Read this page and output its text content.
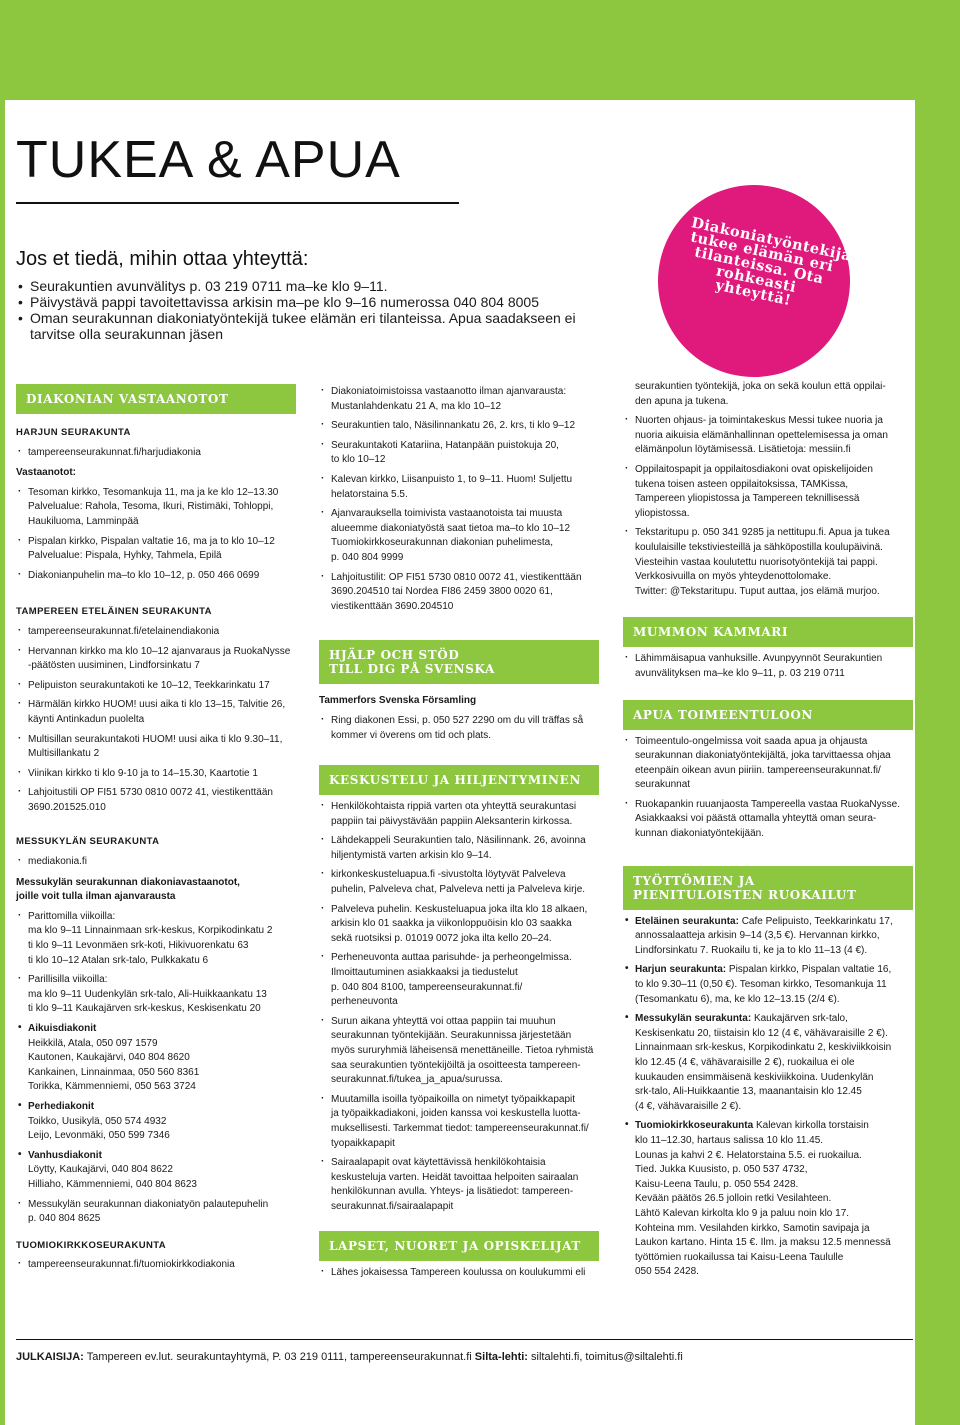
TUKEA & APUA
Jos et tiedä, mihin ottaa yhteyttä:
• Seurakuntien avunvälitys p. 03 219 0711 ma–ke klo 9–11.
• Päivystävä pappi tavoitettavissa arkisin ma–pe klo 9–16 numerossa 040 804 8005
• Oman seurakunnan diakoniatyöntekijä tukee elämän eri tilanteissa. Apua saadakseen ei tarvitse olla seurakunnan jäsen
Diakoniatyöntekijä tukee elämän eri tilanteissa. Ota rohkeasti yhteyttä!
DIAKONIAN VASTAANOTOT
HARJUN SEURAKUNTA
· tampereenseurakunnat.fi/harjudiakonia
Vastaanotot:
· Tesoman kirkko, Tesomankuja 11, ma ja ke klo 12–13.30
Palvelualue: Rahola, Tesoma, Ikuri, Ristimäki, Tohloppi, Haukiluoma, Lamminpää
· Pispalan kirkko, Pispalan valtatie 16, ma ja to klo 10–12
Palvelualue: Pispala, Hyhky, Tahmela, Epilä
· Diakonianpuhelin ma–to klo 10–12, p. 050 466 0699
TAMPEREEN ETELÄINEN SEURAKUNTA
· tampereenseurakunnat.fi/etelainendiakonia
· Hervannan kirkko ma klo 10–12 ajanvaraus ja RuokaNysse
-päätösten uusiminen, Lindforsinkatu 7
· Pelipuiston seurakuntakoti ke 10–12, Teekkarinkatu 17
· Härmälän kirkko HUOM! uusi aika ti klo 13–15, Talvitie 26,
käynti Antinkadun puolelta
· Multisillan seurakuntakoti HUOM! uusi aika ti klo 9.30–11,
Multisillankatu 2
· Viinikan kirkko ti klo 9-10 ja to 14–15.30, Kaartotie 1
· Lahjoitustili OP FI51 5730 0810 0072 41, viestikenttään
3690.201525.010
MESSUKYLÄN SEURAKUNTA
· mediakonia.fi
Messukylän seurakunnan diakoniavastaanotot,
joille voit tulla ilman ajanvarausta
· Parittomilla viikoilla:
ma klo 9–11 Linnainmaan srk-keskus, Korpikodinkatu 2
ti klo 9–11 Levonmäen srk-koti, Hikivuorenkatu 63
ti klo 10–12 Atalan srk-talo, Pulkkakatu 6
· Parillisilla viikoilla:
ma klo 9–11 Uudenkylän srk-talo, Ali-Huikkaankatu 13
ti klo 9–11 Kaukajärven srk-keskus, Keskisenkatu 20
• Aikuisdiakonit
Heikkilä, Atala, 050 097 1579
Kautonen, Kaukajärvi, 040 804 8620
Kankainen, Linnainmaa, 050 560 8361
Torikka, Kämmenniemi, 050 563 3724
• Perhediakonit
Toikko, Uusikylä, 050 574 4932
Leijo, Levonmäki, 050 599 7346
• Vanhusdiakonit
Löytty, Kaukajärvi, 040 804 8622
Hilliaho, Kämmenniemi, 040 804 8623
· Messukylän seurakunnan diakoniatyön palautepuhelin
p. 040 804 8625
TUOMIOKIRKKOSEURAKUNTA
· tampereenseurakunnat.fi/tuomiokirkkodiakonia
· Diakoniatoimistoissa vastaanotto ilman ajanvarausta:
Mustanlahdenkatu 21 A, ma klo 10–12
· Seurakuntien talo, Näsilinnankatu 26, 2. krs, ti klo 9–12
· Seurakuntakoti Katariina, Hatanpään puistokuja 20,
to klo 10–12
· Kalevan kirkko, Liisanpuisto 1, to 9–11. Huom! Suljettu
helatorstaina 5.5.
· Ajanvarauksella toimivista vastaanotoista tai muusta
alueemme diakoniatyöstä saat tietoa ma–to klo 10–12
Tuomiokirkkoseurakunnan diakonian puhelimesta,
p. 040 804 9999
· Lahjoitustilit: OP FI51 5730 0810 0072 41, viestikenttään
3690.204510 tai Nordea FI86 2459 3800 0020 61,
viestikenttään 3690.204510
HJÄLP OCH STÖD
TILL DIG PÅ SVENSKA
Tammerfors Svenska Församling
· Ring diakonen Essi, p. 050 527 2290 om du vill träffas så
kommer vi överens om tid och plats.
KESKUSTELU JA HILJENTYMINEN
· Henkilökohtaista rippiä varten ota yhteyttä seurakuntasi
pappiin tai päivystävään pappiin Aleksanterin kirkossa.
· Lähdekappeli Seurakuntien talo, Näsilinnank. 26, avoinna
hiljentymistä varten arkisin klo 9–14.
· kirkonkeskusteluapua.fi -sivustolta löytyvät Palveleva
puhelin, Palveleva chat, Palveleva netti ja Palveleva kirje.
· Palveleva puhelin. Keskusteluapua joka ilta klo 18 alkaen,
arkisin klo 01 saakka ja viikonloppuöisin klo 03 saakka
sekä ruotsiksi p. 01019 0072 joka ilta kello 20–24.
· Perheneuvonta auttaa parisuhde- ja perheongelmissa.
Ilmoittautuminen asiakkaaksi ja tiedustelut
p. 040 804 8100, tampereenseurakunnat.fi/
perheneuvonta
· Surun aikana yhteyttä voi ottaa pappiin tai muuhun
seurakunnan työntekijään. Seurakunnissa järjestetään
myös sururyhmiä läheisensä menettäneille. Tietoa ryhmistä
saa seurakuntien työntekijöiltä ja osoitteesta tampereen-
seurakunnat.fi/tukea_ja_apua/surussa.
· Muutamilla isoilla työpaikoilla on nimetyt työpaikkapapit
ja työpaikkadiakoni, joiden kanssa voi keskustella luotta-
muksellisesti. Tarkemmat tiedot: tampereenseurakunnat.fi/
tyopaikkapapit
· Sairaalapapit ovat käytettävissä henkilökohtaisia
keskusteluja varten. Heidät tavoittaa helpoiten sairaalan
henkilökunnan avulla. Yhteys- ja lisätiedot: tampereen-
seurakunnat.fi/sairaalapapit
LAPSET, NUORET JA OPISKELIJAT
· Lähes jokaisessa Tampereen koulussa on koulukummi eli
seurakuntien työntekijä, joka on sekä koulun että oppilai-
den apuna ja tukena.
· Nuorten ohjaus- ja toimintakeskus Messi tukee nuoria ja
nuoria aikuisia elämänhallinnan opettelemisessa ja oman
elämänpolun löytämisessä. Lisätietoja: messiin.fi
· Oppilaitospapit ja oppilaitosdiakoni ovat opiskelijoiden
tukena toisen asteen oppilaitoksissa, TAMKissa,
Tampereen yliopistossa ja Tampereen teknillisessä
yliopistossa.
· Tekstaritupu p. 050 341 9285 ja nettitupu.fi. Apua ja tukea
koululaisille tekstiviesteillä ja sähköpostilla koulupäivinä.
Viesteihin vastaa koulutettu nuorisotyöntekijä tai pappi.
Verkkosivuilla on myös yhteydenottolomake.
Twitter: @Tekstaritupu. Tuput auttaa, jos elämä murjoo.
MUMMON KAMMARI
· Lähimmäisapua vanhuksille. Avunpyynnöt Seurakuntien
avunvälityksen ma–ke klo 9–11, p. 03 219 0711
APUA TOIMEENTULOON
· Toimeentulo-ongelmissa voit saada apua ja ohjausta
seurakunnan diakoniatyöntekijältä, joka tarvittaessa ohjaa
eteenpäin oikean avun piiriin. tampereenseurakunnat.fi/
seurakunnat
· Ruokapankin ruuanjaosta Tampereella vastaa RuokaNysse.
Asiakkaaksi voi päästä ottamalla yhteyttä oman seura-
kunnan diakoniatyöntekijään.
TYÖTTÖMIEN JA
PIENITULOISTEN RUOKAILUT
• Eteläinen seurakunta: Cafe Pelipuisto, Teekkarinkatu 17,
annossalaatteja arkisin 9–14 (3,5 €). Hervannan kirkko,
Lindforsinkatu 7. Ruokailu ti, ke ja to klo 11–13 (4 €).
• Harjun seurakunta: Pispalan kirkko, Pispalan valtatie 16,
to klo 9.30–11 (0,50 €). Tesoman kirkko, Tesomankuja 11
(Tesomankatu 6), ma, ke klo 12–13.15 (2/4 €).
• Messukylän seurakunta: Kaukajärven srk-talo,
Keskisenkatu 20, tiistaisin klo 12 (4 €, vähävaraisille 2 €).
Linnainmaan srk-keskus, Korpikodinkatu 2, keskiviikkoisin
klo 12.45 (4 €, vähävaraisille 2 €), ruokailua ei ole
kuukauden ensimmäisenä keskiviikkoina. Uudenkylän
srk-talo, Ali-Huikkaantie 13, maanantaisin klo 12.45
(4 €, vähävaraisille 2 €).
• Tuomiokirkkoseurakunta Kalevan kirkolla torstaisin
klo 11–12.30, hartaus salissa 10 klo 11.45.
Lounas ja kahvi 2 €. Helatorstaina 5.5. ei ruokailua.
Tied. Jukka Kuusisto, p. 050 537 4732,
Kaisu-Leena Taulu, p. 050 554 2428.
Kevään päätös 26.5 jolloin retki Vesilahteen.
Lähtö Kalevan kirkolta klo 9 ja paluu noin klo 17.
Kohteina mm. Vesilahden kirkko, Samotin savipaja ja
Laukon kartano. Hinta 15 €. Ilm. ja maksu 12.5 mennessä
työttömien ruokailussa tai Kaisu-Leena Taululle
050 554 2428.
JULKAISIJA: Tampereen ev.lut. seurakuntayhtymä, P. 03 219 0111, tampereenseurakunnat.fi Silta-lehti: siltalehti.fi, toimitus@siltalehti.fi
